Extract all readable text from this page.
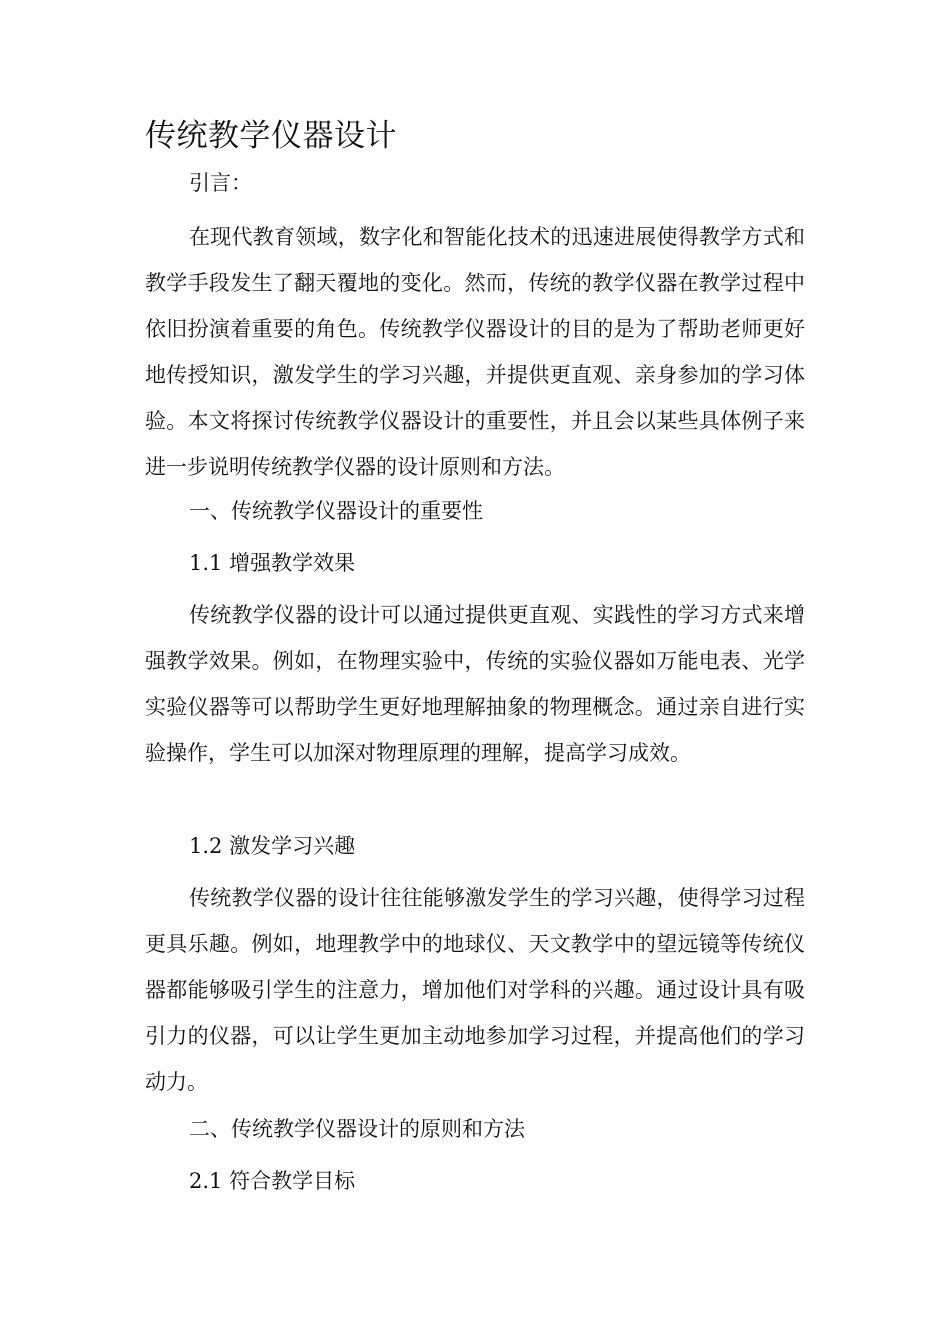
传统教学仪器设计

引言：

在现代教育领域，数字化和智能化技术的迅速进展使得教学方式和教学手段发生了翻天覆地的变化。然而，传统的教学仪器在教学过程中依旧扮演着重要的角色。传统教学仪器设计的目的是为了帮助老师更好地传授知识，激发学生的学习兴趣，并提供更直观、亲身参加的学习体验。本文将探讨传统教学仪器设计的重要性，并且会以某些具体例子来进一步说明传统教学仪器的设计原则和方法。

一、传统教学仪器设计的重要性

1.1 增强教学效果

传统教学仪器的设计可以通过提供更直观、实践性的学习方式来增强教学效果。例如，在物理实验中，传统的实验仪器如万能电表、光学实验仪器等可以帮助学生更好地理解抽象的物理概念。通过亲自进行实验操作，学生可以加深对物理原理的理解，提高学习成效。

1.2 激发学习兴趣

传统教学仪器的设计往往能够激发学生的学习兴趣，使得学习过程更具乐趣。例如，地理教学中的地球仪、天文教学中的望远镜等传统仪器都能够吸引学生的注意力，增加他们对学科的兴趣。通过设计具有吸引力的仪器，可以让学生更加主动地参加学习过程，并提高他们的学习动力。

二、传统教学仪器设计的原则和方法

2.1 符合教学目标
